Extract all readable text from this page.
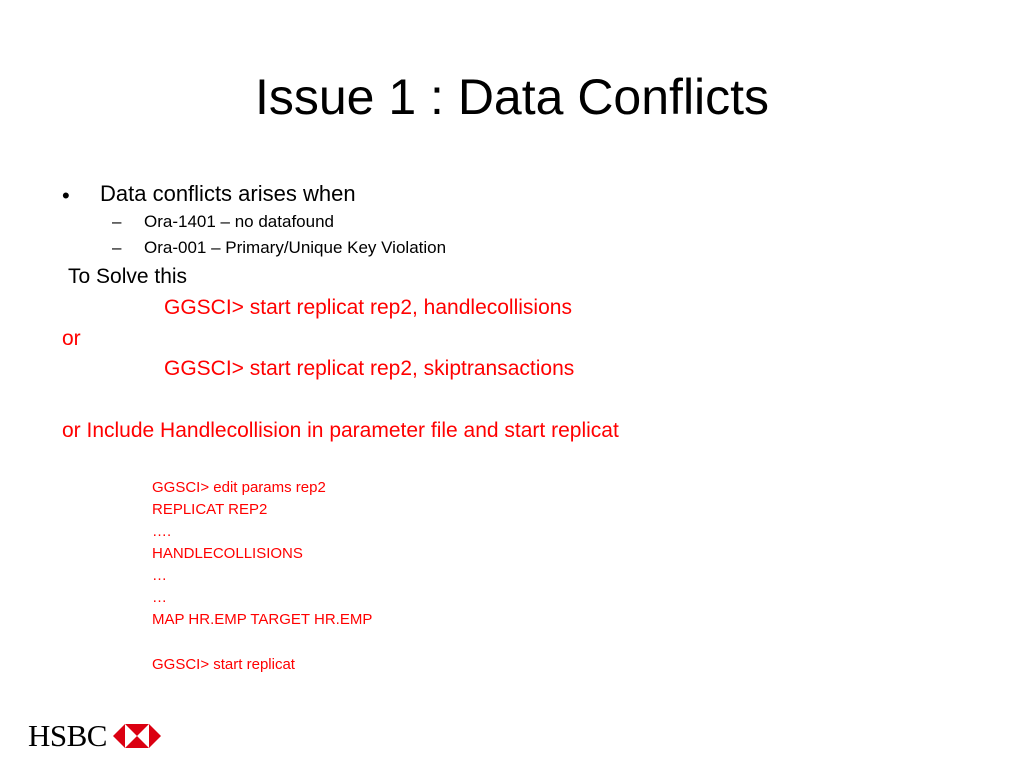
Issue 1 : Data Conflicts
• Data conflicts arises when
– Ora-1401 – no datafound
– Ora-001 – Primary/Unique Key Violation
To Solve this
GGSCI> start replicat rep2, handlecollisions
or
GGSCI> start replicat rep2, skiptransactions
or Include Handlecollision in parameter file and start replicat
GGSCI> edit params rep2
REPLICAT REP2
….
HANDLECOLLISIONS
…
…
MAP HR.EMP TARGET HR.EMP
GGSCI> start replicat
HSBC
